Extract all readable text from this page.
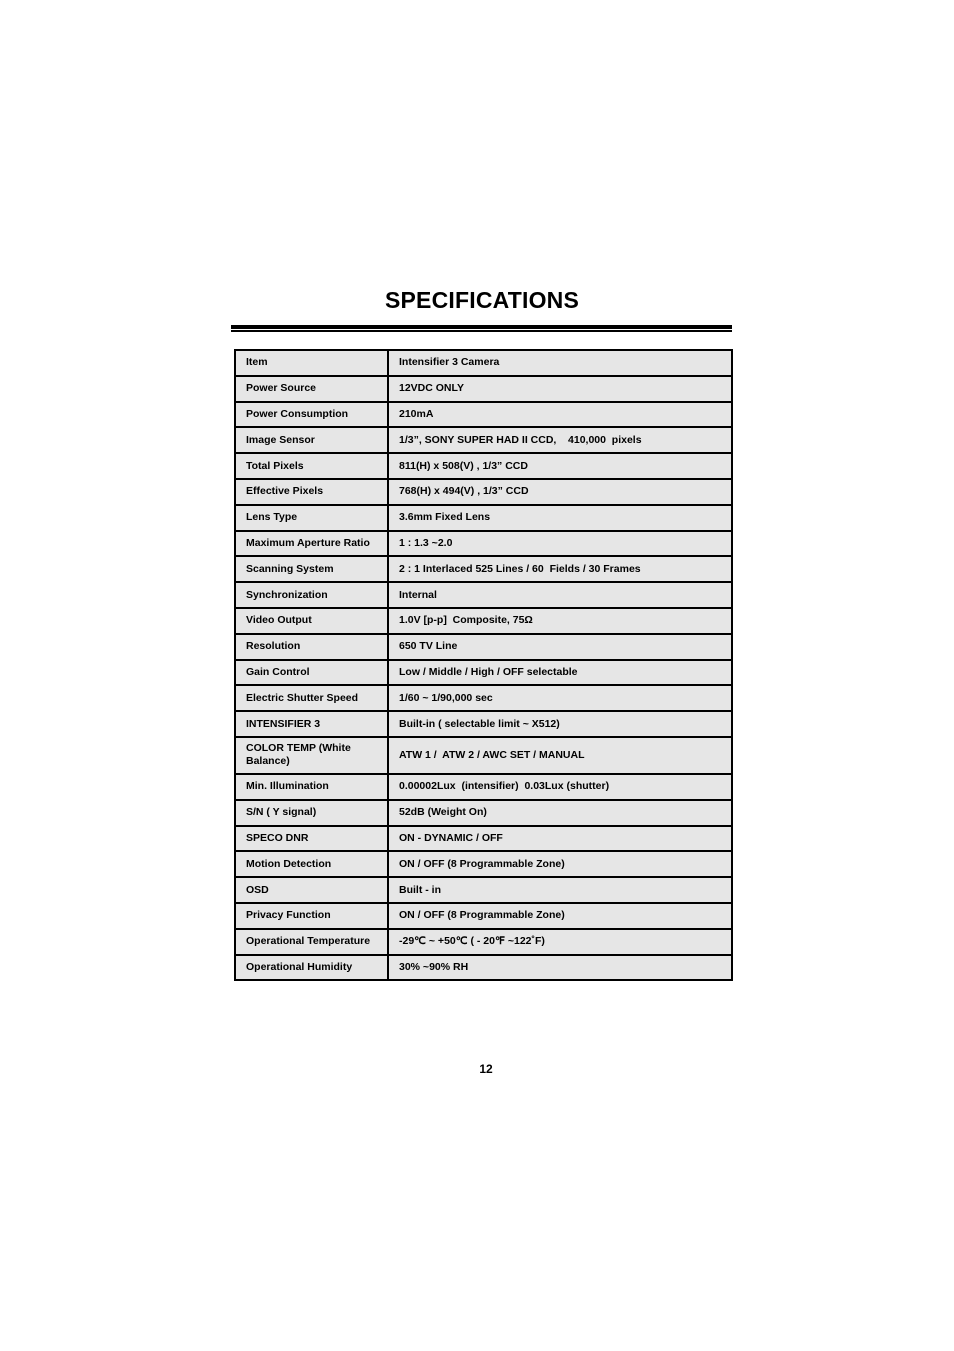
SPECIFICATIONS
Item	Intensifier 3 Camera
Power Source	12VDC ONLY
Power Consumption	210mA
Image Sensor	1/3”, SONY SUPER HAD II CCD,    410,000  pixels
Total Pixels	811(H) x 508(V) , 1/3” CCD
Effective Pixels	768(H) x 494(V) , 1/3” CCD
Lens Type	3.6mm Fixed Lens
Maximum Aperture Ratio	1 : 1.3 ~2.0
Scanning System	2 : 1 Interlaced 525 Lines / 60  Fields / 30 Frames
Synchronization	Internal
Video Output	1.0V [p-p]  Composite, 75Ω
Resolution	650 TV Line
Gain Control	Low / Middle / High / OFF selectable
Electric Shutter Speed	1/60 ~ 1/90,000 sec
INTENSIFIER 3	Built-in ( selectable limit ~ X512)
COLOR TEMP (White Balance)	ATW 1 /  ATW 2 / AWC SET / MANUAL
Min. Illumination	0.00002Lux  (intensifier)  0.03Lux (shutter)
S/N ( Y signal)	52dB (Weight On)
SPECO DNR	ON - DYNAMIC / OFF
Motion Detection	ON / OFF (8 Programmable Zone)
OSD	Built - in
Privacy Function	ON / OFF (8 Programmable Zone)
Operational Temperature	-29℃ ~ +50℃ ( - 20℉ ~122˚F)
Operational Humidity	30% ~90% RH
12
